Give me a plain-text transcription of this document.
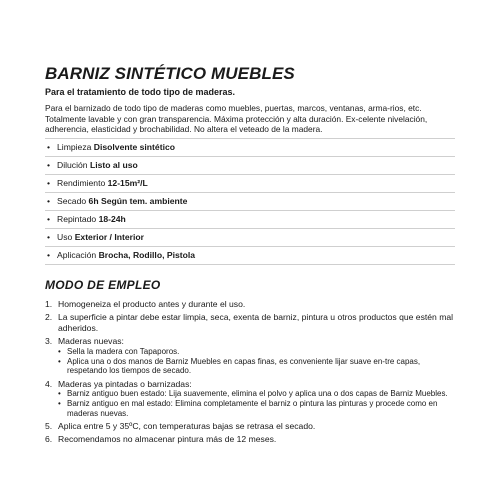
BARNIZ SINTÉTICO MUEBLES
Para el tratamiento de todo tipo de maderas.
Para el barnizado de todo tipo de maderas como muebles, puertas, marcos, ventanas, arma-rios, etc. Totalmente lavable y con gran transparencia. Máxima protección y alta duración. Ex-celente nivelación, adherencia, elasticidad y brochabilidad. No altera el veteado de la madera.
• Limpieza Disolvente sintético
• Dilución Listo al uso
• Rendimiento 12-15m²/L
• Secado 6h Según tem. ambiente
• Repintado 18-24h
• Uso Exterior / Interior
• Aplicación Brocha, Rodillo, Pistola
MODO DE EMPLEO
1. Homogeneiza el producto antes y durante el uso.
2. La superficie a pintar debe estar limpia, seca, exenta de barniz, pintura u otros productos que estén mal adheridos.
3. Maderas nuevas:
• Sella la madera con Tapaporos.
• Aplica una o dos manos de Barniz Muebles en capas finas, es conveniente lijar suave en-tre capas, respetando los tiempos de secado.
4. Maderas ya pintadas o barnizadas:
• Barniz antiguo buen estado: Lija suavemente, elimina el polvo y aplica una o dos capas de Barniz Muebles.
• Barniz antiguo en mal estado: Elimina completamente el barniz o pintura las pinturas y procede como en maderas nuevas.
5. Aplica entre 5 y 35ºC, con temperaturas bajas se retrasa el secado.
6. Recomendamos no almacenar pintura más de 12 meses.
